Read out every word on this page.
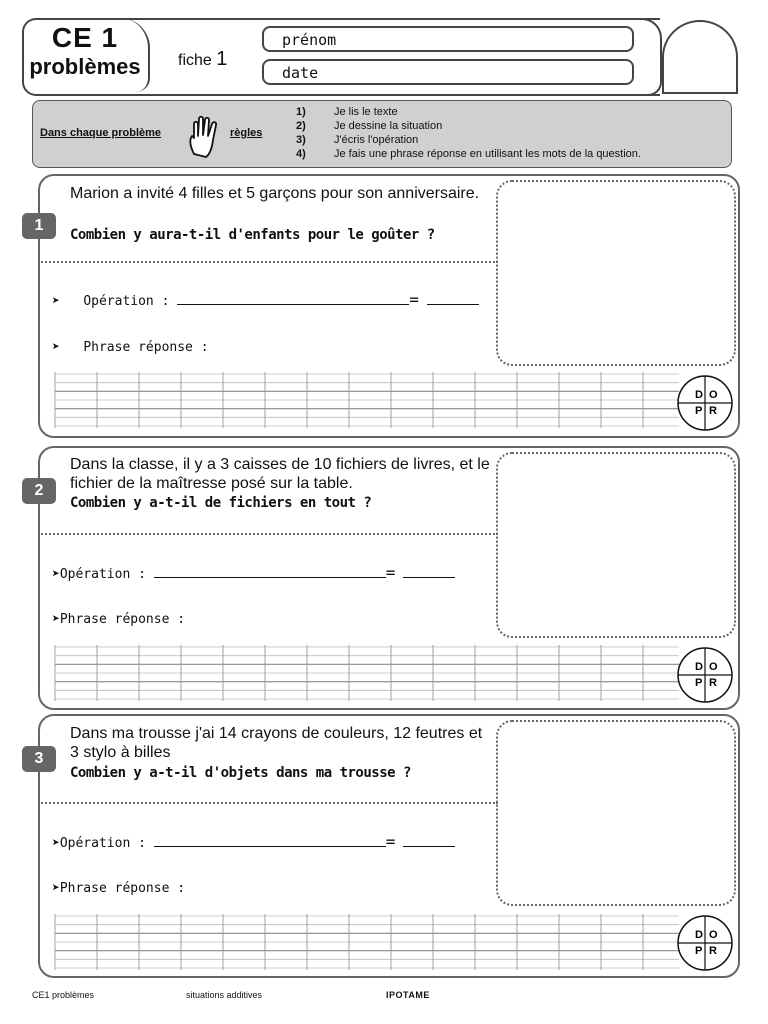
CE 1
problèmes	fiche 1
prénom
date
Dans chaque problème	règles
1)	Je lis le texte
2)	Je dessine la situation
3)	J'écris l'opération
4)	Je fais une phrase réponse en utilisant les mots de la question.
1
Marion a invité 4 filles et 5 garçons pour son anniversaire.
Combien y aura-t-il d'enfants pour le goûter ?
➤ Opération :	=
➤ Phrase réponse :
D O
P R
2
Dans la classe, il y a 3 caisses de 10 fichiers de livres, et le fichier de la maîtresse posé sur la table.
Combien y a-t-il de fichiers en tout ?
➤Opération :	=
➤Phrase réponse :
D O
P R
3
Dans ma trousse j'ai 14 crayons de couleurs, 12 feutres et 3 stylo à billes
Combien y a-t-il d'objets dans ma trousse ?
➤Opération :	=
➤Phrase réponse :
D O
P R
CE1 problèmes	situations additives	IPOTAME
